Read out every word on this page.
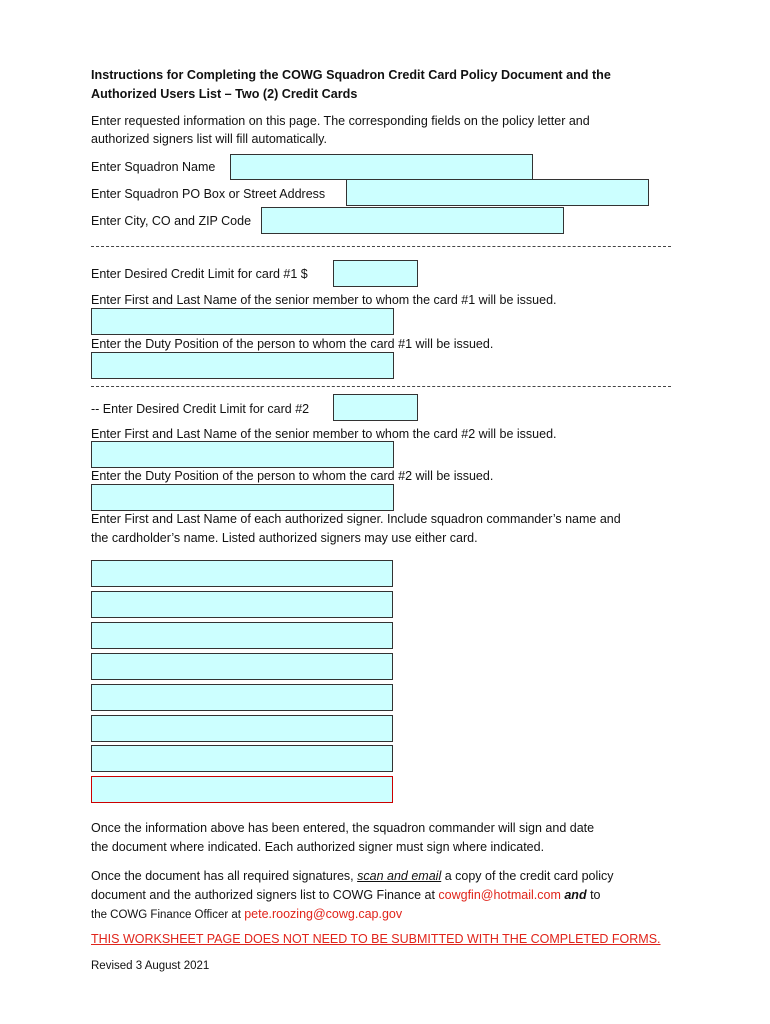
Instructions for Completing the COWG Squadron Credit Card Policy Document and the
Authorized Users List – Two (2) Credit Cards
Enter requested information on this page. The corresponding fields on the policy letter and
authorized signers list will fill automatically.
Enter Squadron Name
Enter Squadron PO Box or Street Address
Enter City, CO and ZIP Code
Enter Desired Credit Limit for card #1 $
Enter First and Last Name of the senior member to whom the card #1 will be issued.
Enter the Duty Position of the person to whom the card #1 will be issued.
-- Enter Desired Credit Limit for card #2
Enter First and Last Name of the senior member to whom the card #2 will be issued.
Enter the Duty Position of the person to whom the card #2 will be issued.
Enter First and Last Name of each authorized signer. Include squadron commander’s name and
the cardholder’s name. Listed authorized signers may use either card.
Once the information above has been entered, the squadron commander will sign and date
the document where indicated. Each authorized signer must sign where indicated.
Once the document has all required signatures, scan and email a copy of the credit card policy
document and the authorized signers list to COWG Finance at cowgfin@hotmail.com and to
the COWG Finance Officer at pete.roozing@cowg.cap.gov
THIS WORKSHEET PAGE DOES NOT NEED TO BE SUBMITTED WITH THE COMPLETED FORMS.
Revised 3 August 2021
